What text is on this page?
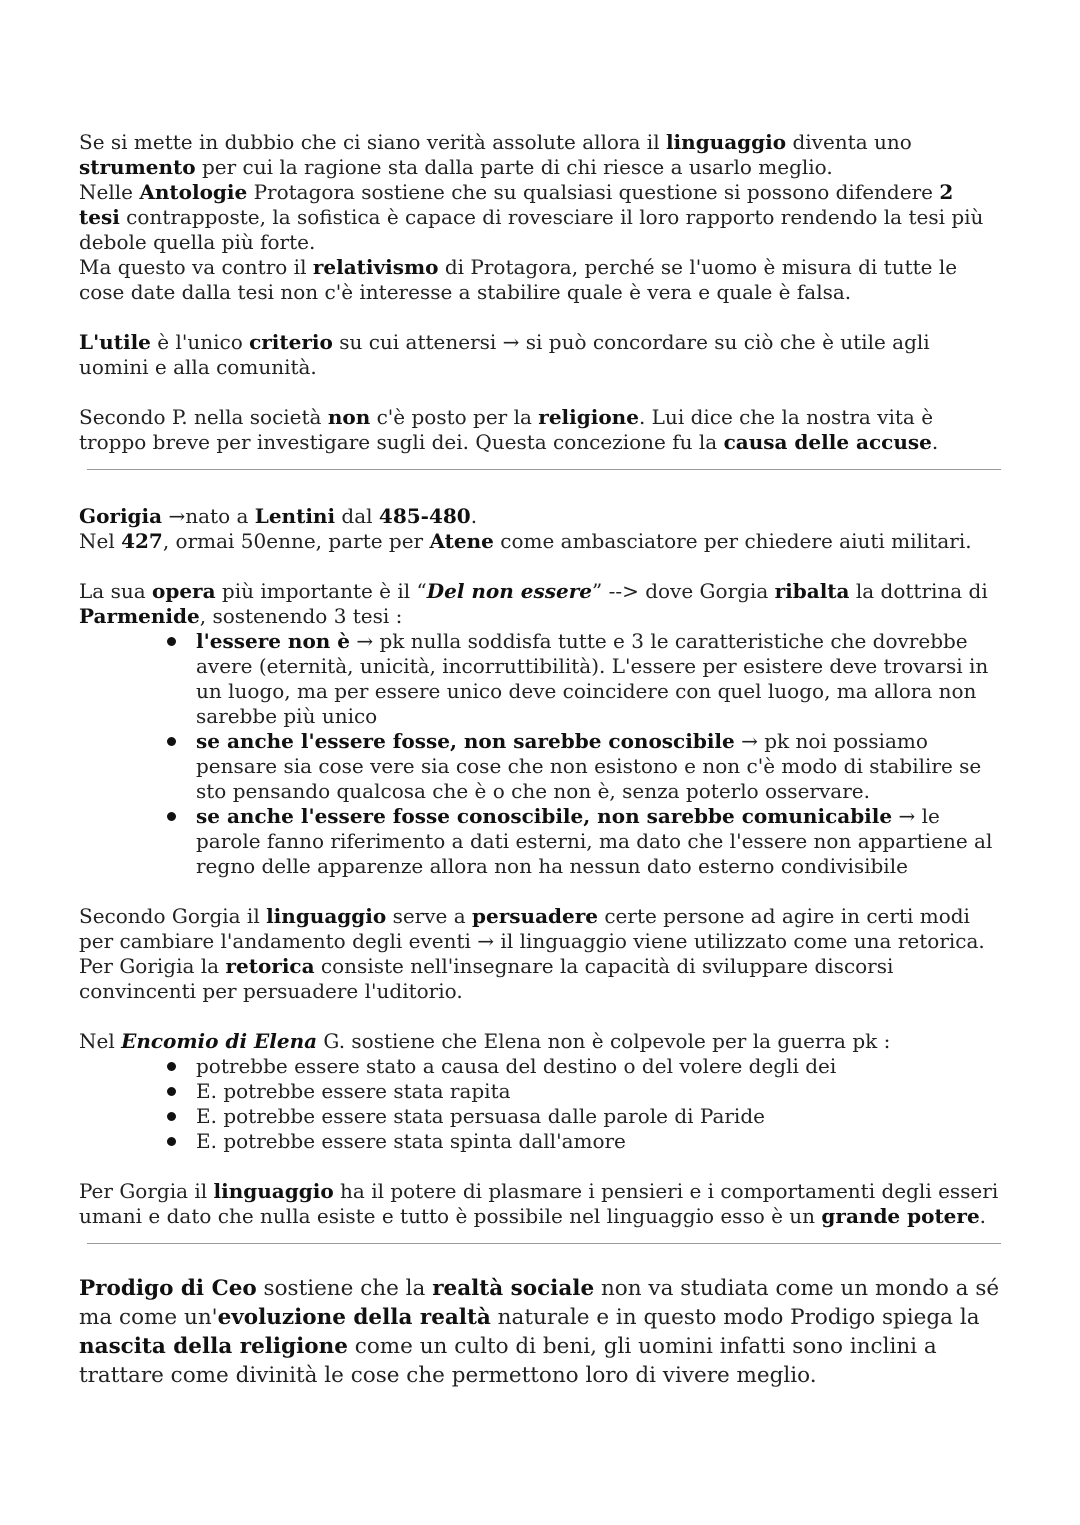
Se si mette in dubbio che ci siano verità assolute allora il linguaggio diventa uno strumento per cui la ragione sta dalla parte di chi riesce a usarlo meglio.

Nelle Antologie Protagora sostiene che su qualsiasi questione si possono difendere 2 tesi contrapposte, la sofistica è capace di rovesciare il loro rapporto rendendo la tesi più debole quella più forte.

Ma questo va contro il relativismo di Protagora, perché se l'uomo è misura di tutte le cose date dalla tesi non c'è interesse a stabilire quale è vera e quale è falsa.

L'utile è l'unico criterio su cui attenersi → si può concordare su ciò che è utile agli uomini e alla comunità.

Secondo P. nella società non c'è posto per la religione. Lui dice che la nostra vita è troppo breve per investigare sugli dei. Questa concezione fu la causa delle accuse.

Gorigia →nato a Lentini dal 485-480.

Nel 427, ormai 50enne, parte per Atene come ambasciatore per chiedere aiuti militari.

La sua opera più importante è il “Del non essere” --> dove Gorgia ribalta la dottrina di Parmenide, sostenendo 3 tesi :

l'essere non è → pk nulla soddisfa tutte e 3 le caratteristiche che dovrebbe avere (eternità, unicità, incorruttibilità). L'essere per esistere deve trovarsi in un luogo, ma per essere unico deve coincidere con quel luogo, ma allora non sarebbe più unico
se anche l'essere fosse, non sarebbe conoscibile → pk noi possiamo pensare sia cose vere sia cose che non esistono e non c'è modo di stabilire se sto pensando qualcosa che è o che non è, senza poterlo osservare.
se anche l'essere fosse conoscibile, non sarebbe comunicabile → le parole fanno riferimento a dati esterni, ma dato che l'essere non appartiene al regno delle apparenze allora non ha nessun dato esterno condivisibile

Secondo Gorgia il linguaggio serve a persuadere certe persone ad agire in certi modi per cambiare l'andamento degli eventi → il linguaggio viene utilizzato come una retorica.

Per Gorigia la retorica consiste nell'insegnare la capacità di sviluppare discorsi convincenti per persuadere l'uditorio.

Nel Encomio di Elena G. sostiene che Elena non è colpevole per la guerra pk :

potrebbe essere stato a causa del destino o del volere degli dei
E. potrebbe essere stata rapita
E. potrebbe essere stata persuasa dalle parole di Paride
E. potrebbe essere stata spinta dall'amore

Per Gorgia il linguaggio ha il potere di plasmare i pensieri e i comportamenti degli esseri umani e dato che nulla esiste e tutto è possibile nel linguaggio esso è un grande potere.

Prodigo di Ceo sostiene che la realtà sociale non va studiata come un mondo a sé ma come un'evoluzione della realtà naturale e in questo modo Prodigo spiega la nascita della religione come un culto di beni, gli uomini infatti sono inclini a trattare come divinità le cose che permettono loro di vivere meglio.
